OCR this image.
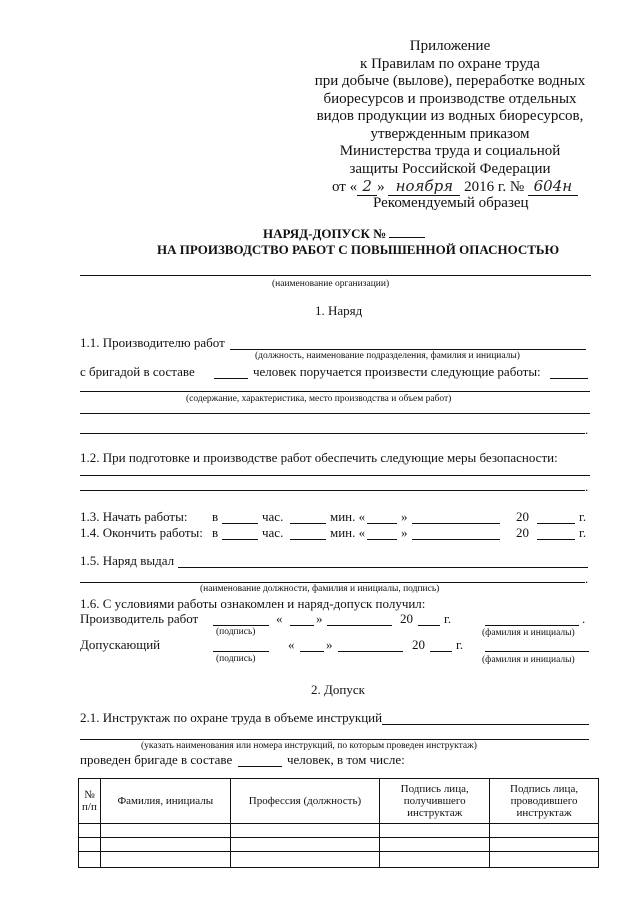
Приложение
к Правилам по охране труда
при добыче (вылове), переработке водных
биоресурсов и производстве отдельных
видов продукции из водных биоресурсов,
утвержденным приказом
Министерства труда и социальной
защиты Российской Федерации
от « 2 » ноября 2016 г. № 604н
Рекомендуемый образец
НАРЯД-ДОПУСК №
НА ПРОИЗВОДСТВО РАБОТ С ПОВЫШЕННОЙ ОПАСНОСТЬЮ
(наименование организации)
1. Наряд
1.1. Производителю работ
(должность, наименование подразделения, фамилия и инициалы)
с бригадой в составе	человек поручается произвести следующие работы:
(содержание, характеристика, место производства и объем работ)
.
1.2. При подготовке и производстве работ обеспечить следующие меры безопасности:
.
1.3. Начать работы: в	час.	мин. «	»	20	г.
1.4. Окончить работы: в	час.	мин. «	»	20	г.
1.5. Наряд выдал
.
(наименование должности, фамилия и инициалы, подпись)
1.6. С условиями работы ознакомлен и наряд-допуск получил:
Производитель работ	«	»	20 г.	.
(подпись)	(фамилия и инициалы)
Допускающий	« »	20 г.
(подпись)	(фамилия и инициалы)
2. Допуск
2.1. Инструктаж по охране труда в объеме инструкций
(указать наименования или номера инструкций, по которым проведен инструктаж)
проведен бригаде в составе	человек, в том числе:
№ п/п	Фамилия, инициалы	Профессия (должность)	Подпись лица, получившего инструктаж	Подпись лица, проводившего инструктаж
